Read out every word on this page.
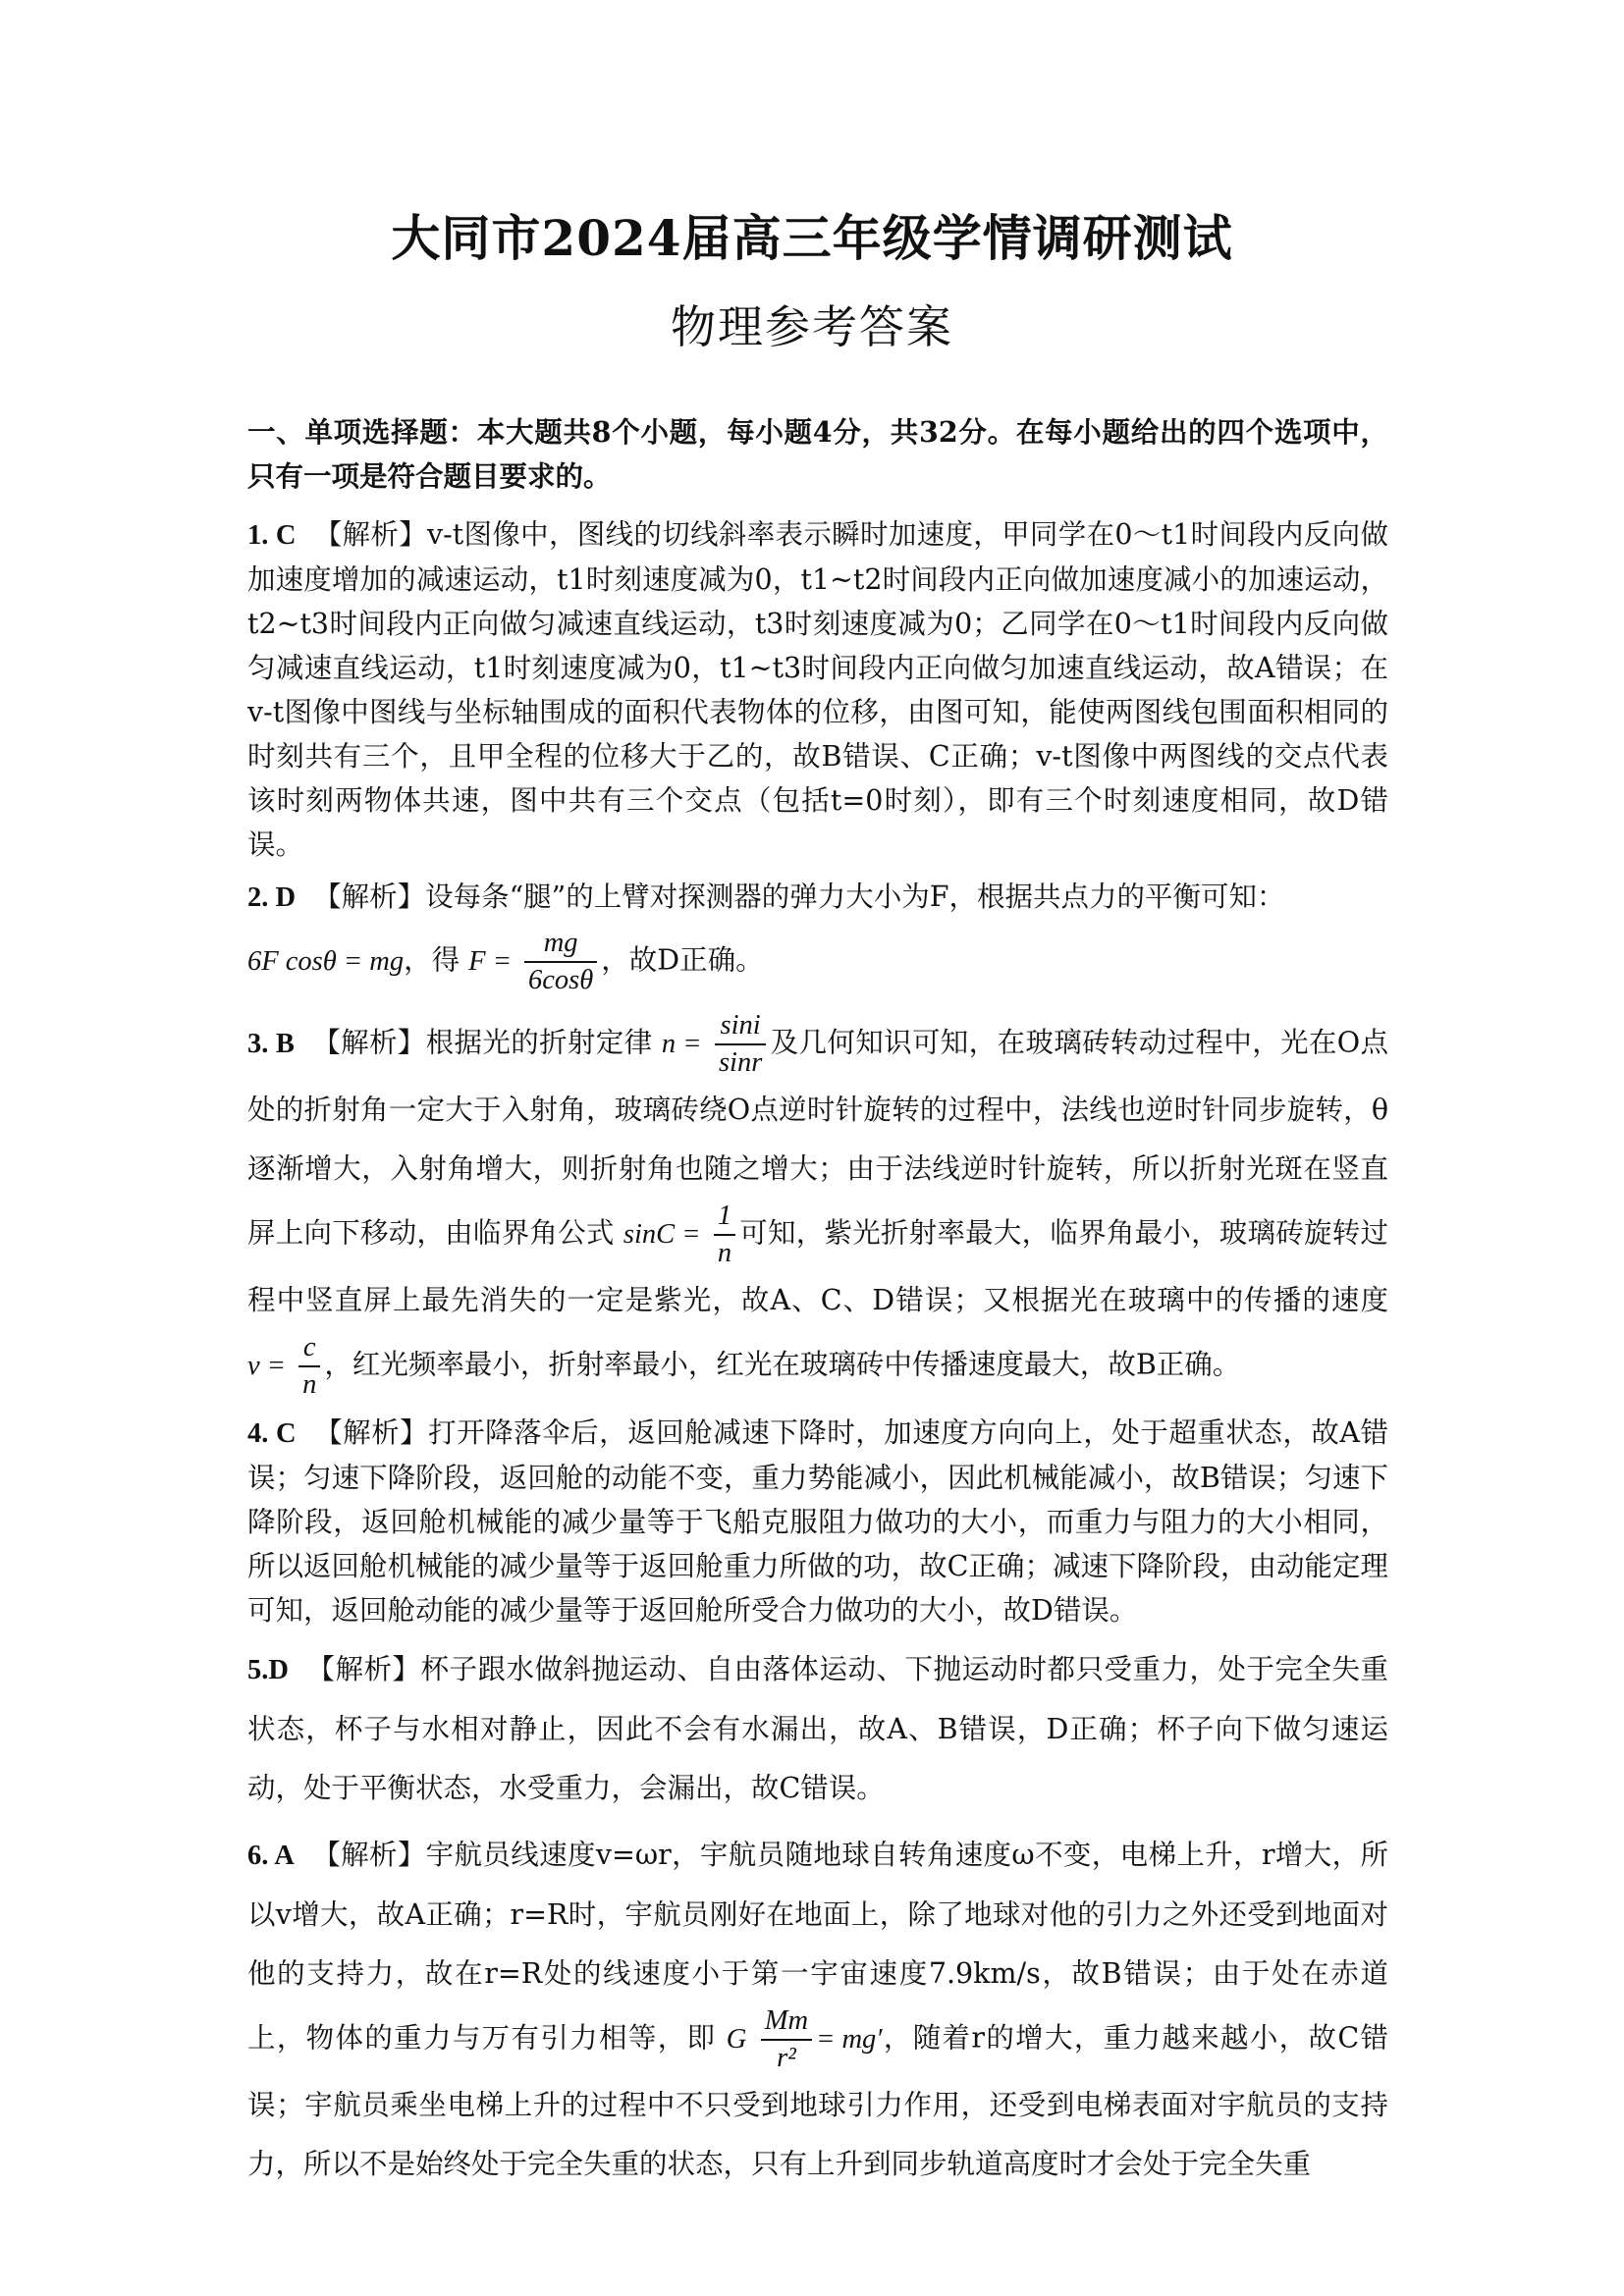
大同市2024届高三年级学情调研测试
物理参考答案
一、单项选择题：本大题共8个小题，每小题4分，共32分。在每小题给出的四个选项中，只有一项是符合题目要求的。

1. C 【解析】v-t图像中，图线的切线斜率表示瞬时加速度，甲同学在0～t1时间段内反向做加速度增加的减速运动，t1时刻速度减为0，t1~t2时间段内正向做加速度减小的加速运动，t2~t3时间段内正向做匀减速直线运动，t3时刻速度减为0；乙同学在0～t1时间段内反向做匀减速直线运动，t1时刻速度减为0，t1~t3时间段内正向做匀加速直线运动，故A错误；在v-t图像中图线与坐标轴围成的面积代表物体的位移，由图可知，能使两图线包围面积相同的时刻共有三个，且甲全程的位移大于乙的，故B错误、C正确；v-t图像中两图线的交点代表该时刻两物体共速，图中共有三个交点（包括t=0时刻），即有三个时刻速度相同，故D错误。

2. D 【解析】设每条“腿”的上臂对探测器的弹力大小为F，根据共点力的平衡可知：
6F cosθ = mg，得 $F = \frac{mg}{6\cos\theta}$ ，故D正确。

3. B 【解析】根据光的折射定律 $n = \frac{\sin i}{\sin r}$ 及几何知识可知，在玻璃砖转动过程中，光在O点处的折射角一定大于入射角，玻璃砖绕O点逆时针旋转的过程中，法线也逆时针同步旋转，θ逐渐增大，入射角增大，则折射角也随之增大；由于法线逆时针旋转，所以折射光斑在竖直屏上向下移动，由临界角公式 $\sin C = \frac{1}{n}$ 可知，紫光折射率最大，临界角最小，玻璃砖旋转过程中竖直屏上最先消失的一定是紫光，故A、C、D错误；又根据光在玻璃中的传播的速度 $v = \frac{c}{n}$ ，红光频率最小，折射率最小，红光在玻璃砖中传播速度最大，故B正确。

4. C 【解析】打开降落伞后，返回舱减速下降时，加速度方向向上，处于超重状态，故A错误；匀速下降阶段，返回舱的动能不变，重力势能减小，因此机械能减小，故B错误；匀速下降阶段，返回舱机械能的减少量等于飞船克服阻力做功的大小，而重力与阻力的大小相同，所以返回舱机械能的减少量等于返回舱重力所做的功，故C正确；减速下降阶段，由动能定理可知，返回舱动能的减少量等于返回舱所受合力做功的大小，故D错误。

5.D 【解析】杯子跟水做斜抛运动、自由落体运动、下抛运动时都只受重力，处于完全失重状态，杯子与水相对静止，因此不会有水漏出，故A、B错误，D正确；杯子向下做匀速运动，处于平衡状态，水受重力，会漏出，故C错误。

6. A 【解析】宇航员线速度v=ωr，宇航员随地球自转角速度ω不变，电梯上升，r增大，所以v增大，故A正确；r=R时，宇航员刚好在地面上，除了地球对他的引力之外还受到地面对他的支持力，故在r=R处的线速度小于第一宇宙速度7.9km/s，故B错误；由于处在赤道上，物体的重力与万有引力相等，即 G $\frac{Mm}{\text{r²}} = mg'$，随着r的增大，重力越来越小，故C错误；宇航员乘坐电梯上升的过程中不只受到地球引力作用，还受到电梯表面对宇航员的支持力，所以不是始终处于完全失重的状态，只有上升到同步轨道高度时才会处于完全失重
